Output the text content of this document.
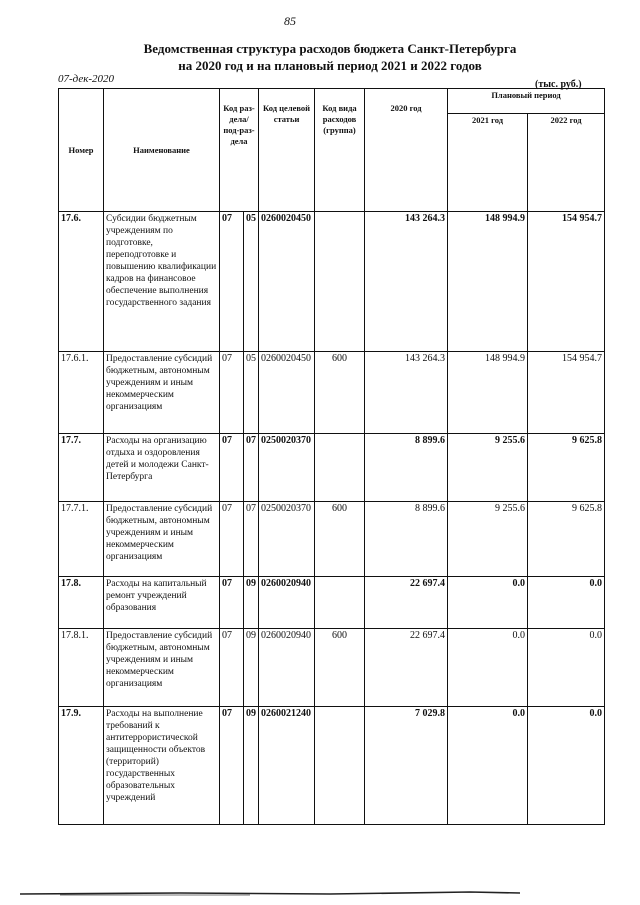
85
Ведомственная структура расходов бюджета Санкт-Петербурга
на 2020 год и на плановый период 2021 и 2022 годов
07-дек-2020	(тыс. руб.)
Номер	Наименование	Код раз-дела/ под-раз-дела		Код целевой статьи	Код вида расходов (группа)	2020 год	Плановый период	
							2021 год	2022 год
17.6.	Субсидии бюджетным учреждениям по подготовке, переподготовке и повышению квалификации кадров на финансовое обеспечение выполнения государственного задания	07	05	0260020450		143 264.3	148 994.9	154 954.7
17.6.1.	Предоставление субсидий бюджетным, автономным учреждениям и иным некоммерческим организациям	07	05	0260020450	600	143 264.3	148 994.9	154 954.7
17.7.	Расходы на организацию отдыха и оздоровления детей и молодежи Санкт-Петербурга	07	07	0250020370		8 899.6	9 255.6	9 625.8
17.7.1.	Предоставление субсидий бюджетным, автономным учреждениям и иным некоммерческим организациям	07	07	0250020370	600	8 899.6	9 255.6	9 625.8
17.8.	Расходы на капитальный ремонт учреждений образования	07	09	0260020940		22 697.4	0.0	0.0
17.8.1.	Предоставление субсидий бюджетным, автономным учреждениям и иным некоммерческим организациям	07	09	0260020940	600	22 697.4	0.0	0.0
17.9.	Расходы на выполнение требований к антитеррористической защищенности объектов (территорий) государственных образовательных учреждений	07	09	0260021240		7 029.8	0.0	0.0
